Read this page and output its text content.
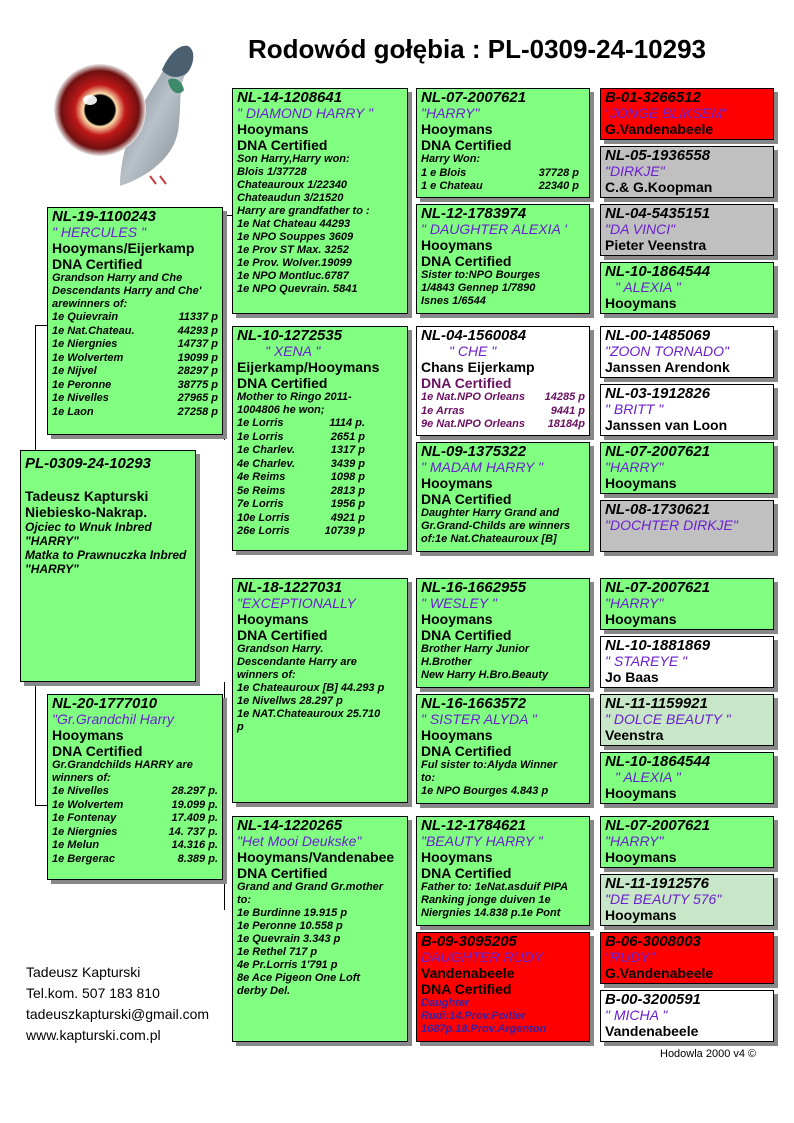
Rodowód gołębia : PL-0309-24-10293
PL-0309-24-10293
Tadeusz Kapturski
Niebiesko-Nakrap.
Ojciec to Wnuk Inbred
"HARRY"
Matka to Prawnuczka Inbred
"HARRY"
NL-19-1100243
" HERCULES "
Hooymans/Eijerkamp
DNA Certified
Grandson Harry and Che
Descendants Harry and Che'
arewinners of:
1e Quievrain	11337 p
1e Nat.Chateau.	44293 p
1e Niergnies	14737 p
1e Wolvertem	19099 p
1e Nijvel	28297 p
1e Peronne	38775 p
1e Nivelles	27965 p
1e Laon	27258 p
NL-20-1777010
"Gr.Grandchil Harry
Hooymans
DNA Certified
Gr.Grandchilds HARRY are
winners of:
1e Nivelles	28.297 p.
1e Wolvertem	19.099 p.
1e Fontenay	17.409 p.
1e Niergnies	14. 737 p.
1e Melun	14.316 p.
1e Bergerac	8.389 p.
NL-14-1208641
" DIAMOND HARRY "
Hooymans
DNA Certified
Son Harry,Harry won:
Blois 1/37728
Chateauroux 1/22340
Chateaudun 3/21520
Harry are grandfather to :
1e Nat Chateau 44293
1e NPO Souppes 3609
1e Prov ST Max. 3252
1e Prov. Wolver.19099
1e NPO Montluc.6787
1e NPO Quevrain. 5841
NL-10-1272535
" XENA "
Eijerkamp/Hooymans
DNA Certified
Mother to Ringo 2011-
1004806 he won;
1e Lorris	1114 p.
1e Lorris	2651 p
1e Charlev.	1317 p
4e Charlev.	3439 p
4e Reims	1098 p
5e Reims	2813 p
7e Lorris	1956 p
10e Lorris	4921 p
26e Lorris	10739 p
NL-18-1227031
"EXCEPTIONALLY
Hooymans
DNA Certified
Grandson Harry.
Descendante Harry are
winners of:
1e Chateauroux [B] 44.293 p
1e Nivellws 28.297 p
1e NAT.Chateauroux 25.710
p
NL-14-1220265
"Het Mooi Deukske"
Hooymans/Vandenabee
DNA Certified
Grand and Grand Gr.mother
to:
1e Burdinne 19.915 p
1e Peronne 10.558 p
1e Quevrain 3.343 p
1e Rethel 717 p
4e Pr.Lorris 1'791 p
8e Ace Pigeon One Loft
derby Del.
NL-07-2007621
"HARRY"
Hooymans
DNA Certified
Harry Won:
1 e Blois	37728 p
1 e Chateau	22340 p
NL-12-1783974
" DAUGHTER ALEXIA '
Hooymans
DNA Certified
Sister to:NPO Bourges
1/4843 Gennep 1/7890
Isnes 1/6544
NL-04-1560084
" CHE "
Chans Eijerkamp
DNA Certified
1e Nat.NPO Orleans 14285 p
1e Arras	9441 p
9e Nat.NPO Orleans 18184p
NL-09-1375322
" MADAM HARRY "
Hooymans
DNA Certified
Daughter Harry Grand and
Gr.Grand-Childs are winners
of:1e Nat.Chateauroux [B]
NL-16-1662955
" WESLEY "
Hooymans
DNA Certified
Brother Harry Junior
H.Brother
New Harry H.Bro.Beauty
NL-16-1663572
" SISTER ALYDA "
Hooymans
DNA Certified
Ful sister to:Alyda Winner
to:
1e NPO Bourges 4.843 p
NL-12-1784621
"BEAUTY HARRY "
Hooymans
DNA Certified
Father to: 1eNat.asduif PIPA
Ranking jonge duiven 1e
Niergnies 14.838 p.1e Pont
B-09-3095205
DAUGHTER RUDY
Vandenabeele
DNA Certified
Daughter
Rudi:14.Prov.Poitier
1687p.18.Prov.Argenton
B-01-3266512
"JONGE BLIKSEM"
G.Vandenabeele
NL-05-1936558
"DIRKJE"
C.& G.Koopman
NL-04-5435151
"DA VINCI"
Pieter Veenstra
NL-10-1864544
" ALEXIA "
Hooymans
NL-00-1485069
"ZOON TORNADO"
Janssen Arendonk
NL-03-1912826
" BRITT "
Janssen van Loon
NL-07-2007621
"HARRY"
Hooymans
NL-08-1730621
"DOCHTER DIRKJE"
NL-07-2007621
"HARRY"
Hooymans
NL-10-1881869
" STAREYE "
Jo Baas
NL-11-1159921
" DOLCE BEAUTY "
Veenstra
NL-10-1864544
" ALEXIA "
Hooymans
NL-07-2007621
"HARRY"
Hooymans
NL-11-1912576
"DE BEAUTY 576"
Hooymans
B-06-3008003
"RUDY"
G.Vandenabeele
B-00-3200591
" MICHA "
Vandenabeele
Tadeusz Kapturski
Tel.kom. 507 183 810
tadeuszkapturski@gmail.com
www.kapturski.com.pl
Hodowla 2000 v4 ©
